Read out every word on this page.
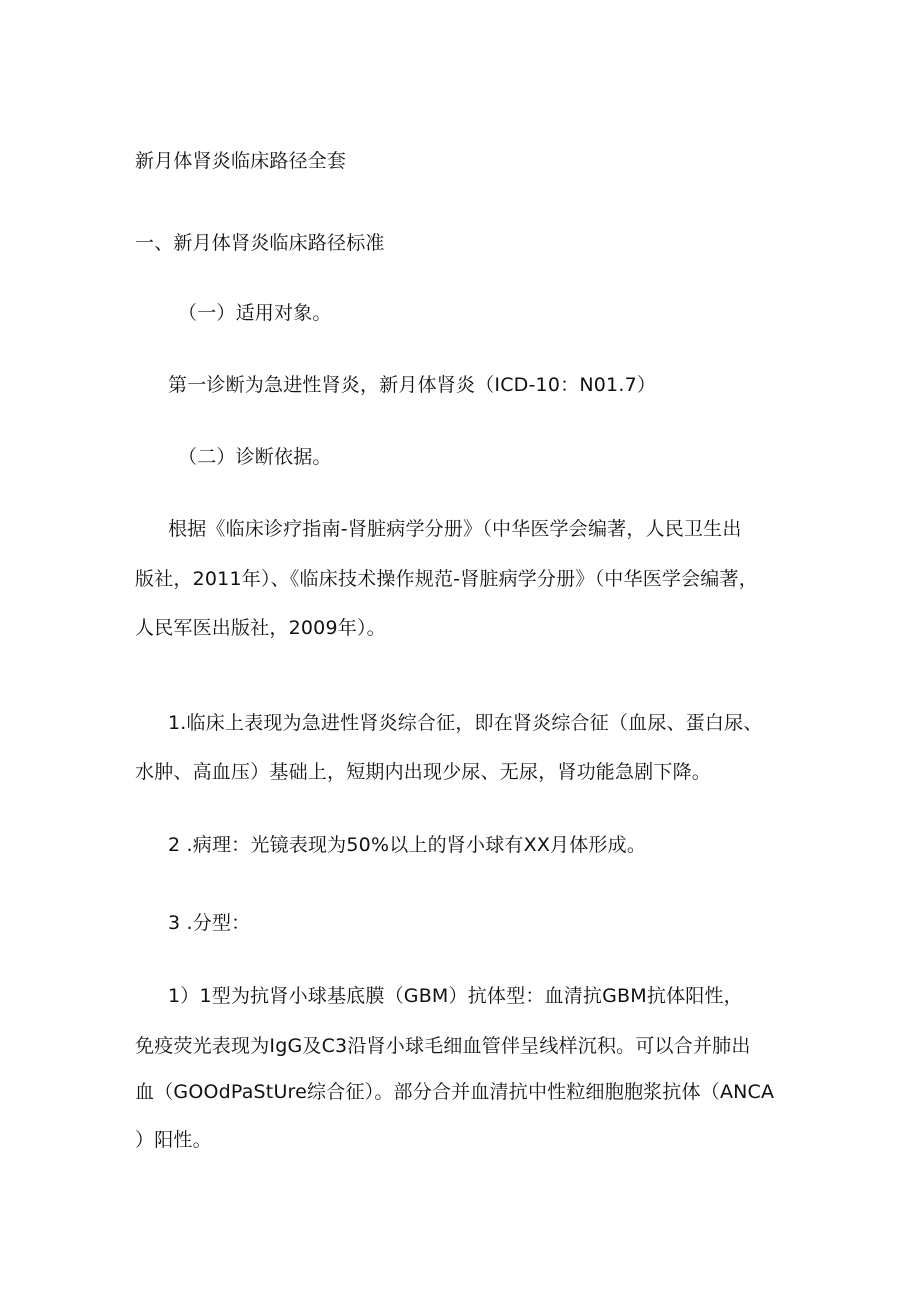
新月体肾炎临床路径全套
一、新月体肾炎临床路径标准
（一）适用对象。
第一诊断为急进性肾炎，新月体肾炎（ICD-10：N01.7）
（二）诊断依据。
根据《临床诊疗指南-肾脏病学分册》（中华医学会编著，人民卫生出
版社，2011年）、《临床技术操作规范-肾脏病学分册》（中华医学会编著，
人民军医出版社，2009年）。
1.临床上表现为急进性肾炎综合征，即在肾炎综合征（血尿、蛋白尿、
水肿、高血压）基础上，短期内出现少尿、无尿，肾功能急剧下降。
2 .病理：光镜表现为50%以上的肾小球有XX月体形成。
3 .分型：
1）1型为抗肾小球基底膜（GBM）抗体型：血清抗GBM抗体阳性，
免疫荧光表现为IgG及C3沿肾小球毛细血管伴呈线样沉积。可以合并肺出
血（GOOdPaStUre综合征）。部分合并血清抗中性粒细胞胞浆抗体（ANCA
）阳性。
